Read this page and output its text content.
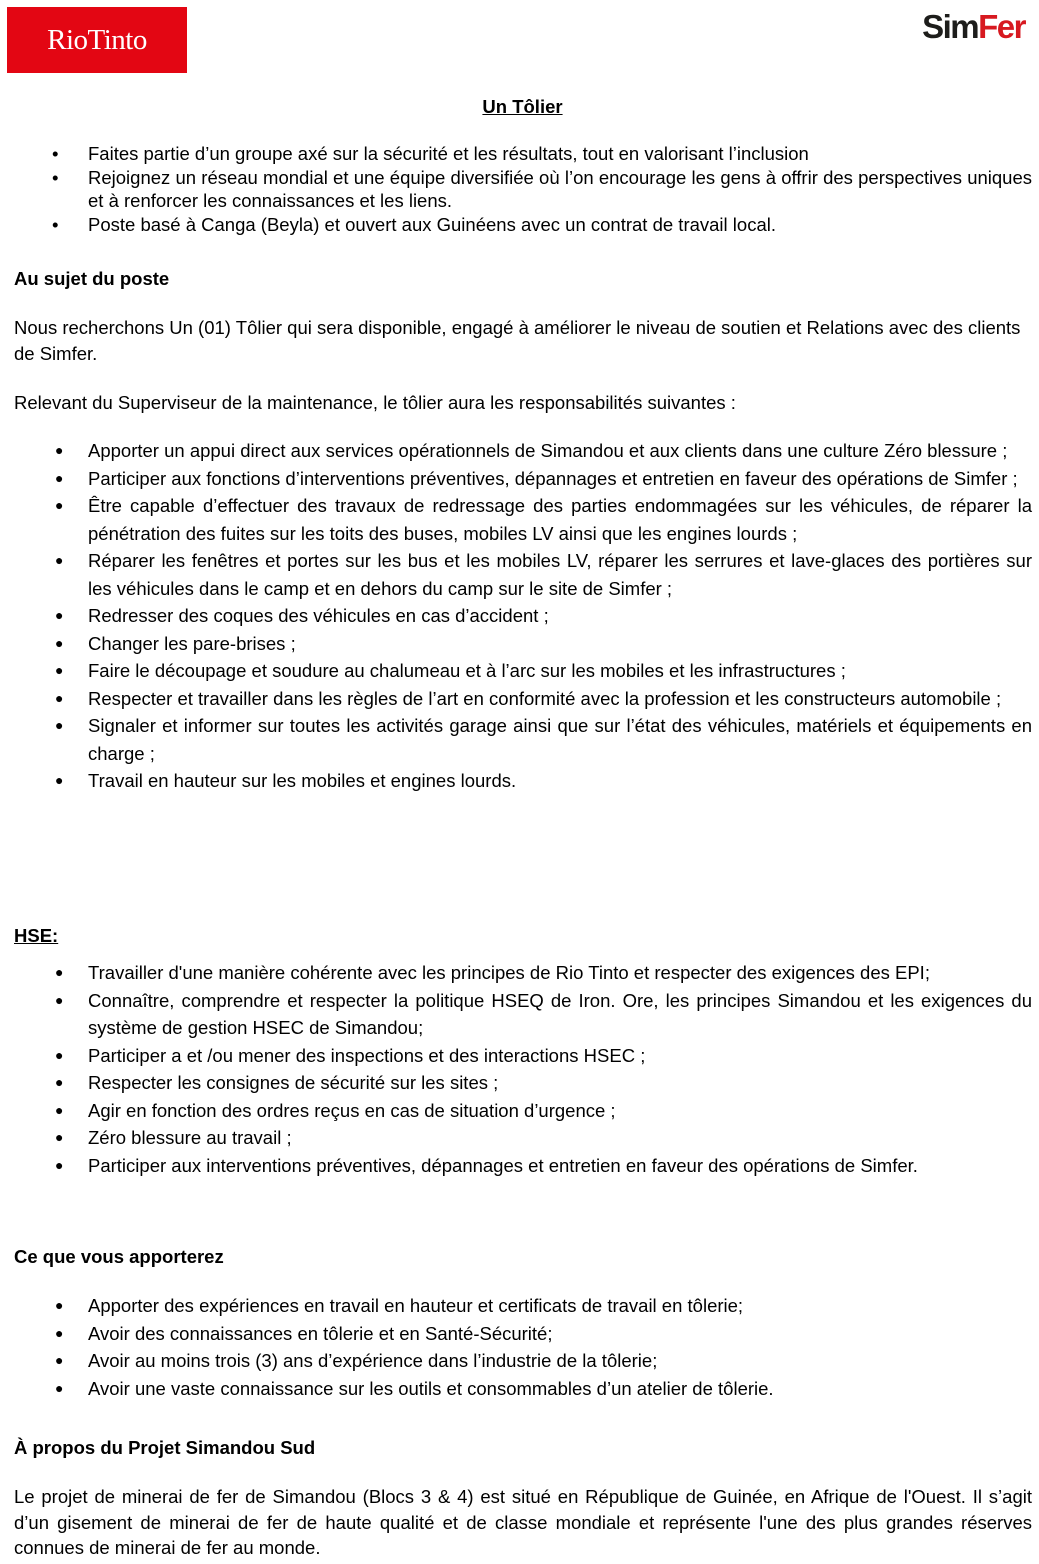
RioTinto	SimFer
Un Tôlier
• Faites partie d’un groupe axé sur la sécurité et les résultats, tout en valorisant l’inclusion
• Rejoignez un réseau mondial et une équipe diversifiée où l’on encourage les gens à offrir des perspectives uniques et à renforcer les connaissances et les liens.
• Poste basé à Canga (Beyla) et ouvert aux Guinéens avec un contrat de travail local.
Au sujet du poste

Nous recherchons Un (01) Tôlier qui sera disponible, engagé à améliorer le niveau de soutien et Relations avec des clients de Simfer.

Relevant du Superviseur de la maintenance, le tôlier aura les responsabilités suivantes :

● Apporter un appui direct aux services opérationnels de Simandou et aux clients dans une culture Zéro blessure ;
● Participer aux fonctions d’interventions préventives, dépannages et entretien en faveur des opérations de Simfer ;
● Être capable d’effectuer des travaux de redressage des parties endommagées sur les véhicules, de réparer la pénétration des fuites sur les toits des buses, mobiles LV ainsi que les engines lourds ;
● Réparer les fenêtres et portes sur les bus et les mobiles LV, réparer les serrures et lave-glaces des portières sur les véhicules dans le camp et en dehors du camp sur le site de Simfer ;
● Redresser des coques des véhicules en cas d’accident ;
● Changer les pare-brises ;
● Faire le découpage et soudure au chalumeau et à l’arc sur les mobiles et les infrastructures ;
● Respecter et travailler dans les règles de l’art en conformité avec la profession et les constructeurs automobile ;
● Signaler et informer sur toutes les activités garage ainsi que sur l’état des véhicules, matériels et équipements en charge ;
● Travail en hauteur sur les mobiles et engines lourds.
HSE:
● Travailler d'une manière cohérente avec les principes de Rio Tinto et respecter des exigences des EPI;
● Connaître, comprendre et respecter la politique HSEQ de Iron. Ore, les principes Simandou et les exigences du système de gestion HSEC de Simandou;
● Participer a et /ou mener des inspections et des interactions HSEC ;
● Respecter les consignes de sécurité sur les sites ;
● Agir en fonction des ordres reçus en cas de situation d’urgence ;
● Zéro blessure au travail ;
● Participer aux interventions préventives, dépannages et entretien en faveur des opérations de Simfer.
Ce que vous apporterez
● Apporter des expériences en travail en hauteur et certificats de travail en tôlerie;
● Avoir des connaissances en tôlerie et en Santé-Sécurité;
● Avoir au moins trois (3) ans d’expérience dans l’industrie de la tôlerie;
● Avoir une vaste connaissance sur les outils et consommables d’un atelier de tôlerie.
À propos du Projet Simandou Sud

Le projet de minerai de fer de Simandou (Blocs 3 & 4) est situé en République de Guinée, en Afrique de l'Ouest. Il s’agit d’un gisement de minerai de fer de haute qualité et de classe mondiale et représente l'une des plus grandes réserves connues de minerai de fer au monde.
